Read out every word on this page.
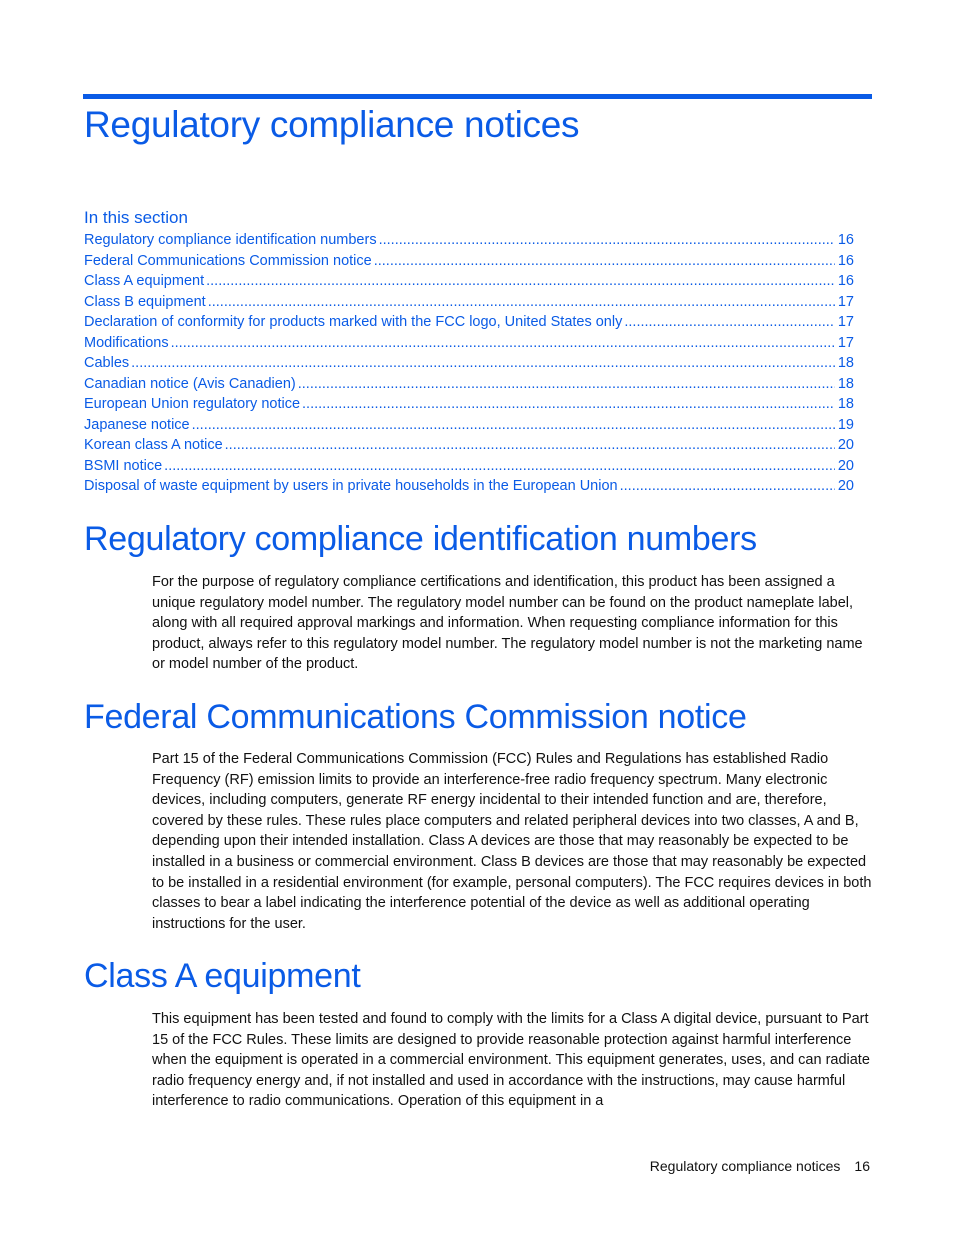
Regulatory compliance notices
In this section
Regulatory compliance identification numbers .....	16
Federal Communications Commission notice .....	16
Class A equipment .....	16
Class B equipment .....	17
Declaration of conformity for products marked with the FCC logo, United States only .....	17
Modifications .....	17
Cables .....	18
Canadian notice (Avis Canadien) .....	18
European Union regulatory notice .....	18
Japanese notice .....	19
Korean class A notice .....	20
BSMI notice .....	20
Disposal of waste equipment by users in private households in the European Union .....	20
Regulatory compliance identification numbers

For the purpose of regulatory compliance certifications and identification, this product has been assigned a unique regulatory model number. The regulatory model number can be found on the product nameplate label, along with all required approval markings and information. When requesting compliance information for this product, always refer to this regulatory model number. The regulatory model number is not the marketing name or model number of the product.

Federal Communications Commission notice

Part 15 of the Federal Communications Commission (FCC) Rules and Regulations has established Radio Frequency (RF) emission limits to provide an interference-free radio frequency spectrum. Many electronic devices, including computers, generate RF energy incidental to their intended function and are, therefore, covered by these rules. These rules place computers and related peripheral devices into two classes, A and B, depending upon their intended installation. Class A devices are those that may reasonably be expected to be installed in a business or commercial environment. Class B devices are those that may reasonably be expected to be installed in a residential environment (for example, personal computers). The FCC requires devices in both classes to bear a label indicating the interference potential of the device as well as additional operating instructions for the user.

Class A equipment

This equipment has been tested and found to comply with the limits for a Class A digital device, pursuant to Part 15 of the FCC Rules. These limits are designed to provide reasonable protection against harmful interference when the equipment is operated in a commercial environment. This equipment generates, uses, and can radiate radio frequency energy and, if not installed and used in accordance with the instructions, may cause harmful interference to radio communications. Operation of this equipment in a

Regulatory compliance notices 16
